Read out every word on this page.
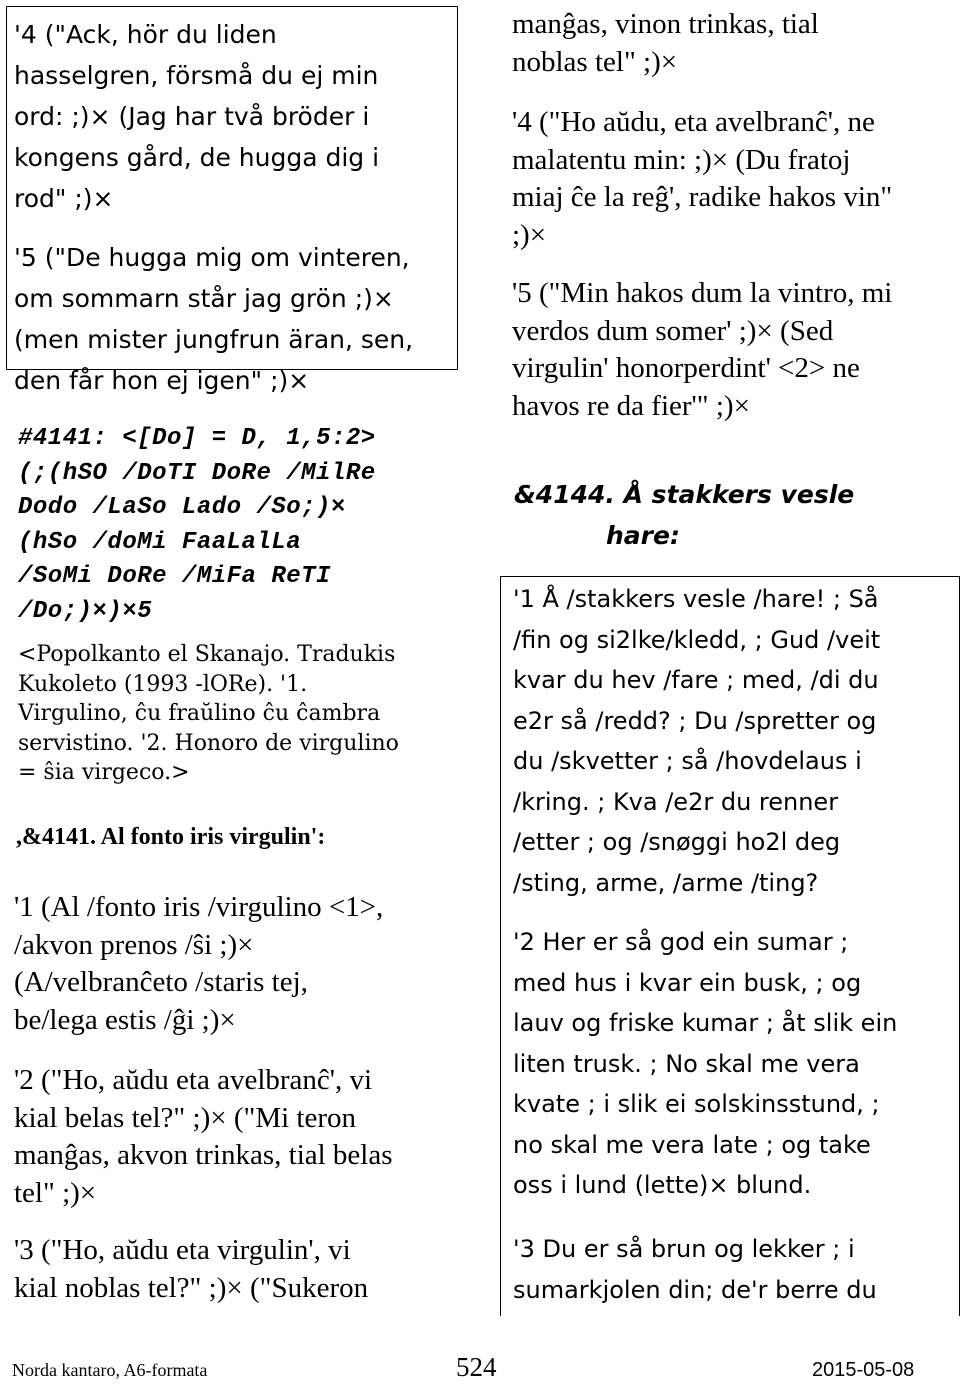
'4 ("Ack, hör du liden
hasselgren, försmå du ej min
ord: ;)× (Jag har två bröder i
kongens gård, de hugga dig i
rod" ;)×
'5 ("De hugga mig om vinteren,
om sommarn står jag grön ;)×
(men mister jungfrun äran, sen,
den får hon ej igen" ;)×
#4141: <[Do] = D, 1,5:2>
(;(hSO /DoTI DoRe /MilRe
Dodo /LaSo Lado /So;)×
(hSo /doMi FaaLalLa
/SoMi DoRe /MiFa ReTI
/Do;)×)×5
<Popolkanto el Skanajo. Tradukis
Kukoleto (1993 -lORe). '1.
Virgulino, ĉu fraŭlino ĉu ĉambra
servistino. '2. Honoro de virgulino
= ŝia virgeco.>
,&4141. Al fonto iris virgulin':
'1 (Al /fonto iris /virgulino <1>,
/akvon prenos /ŝi ;)×
(A/velbranĉeto /staris tej,
be/lega estis /ĝi ;)×
'2 ("Ho, aŭdu eta avelbranĉ', vi
kial belas tel?" ;)× ("Mi teron
manĝas, akvon trinkas, tial belas
tel" ;)×
'3 ("Ho, aŭdu eta virgulin', vi
kial noblas tel?" ;)× ("Sukeron
manĝas, vinon trinkas, tial
noblas tel" ;)×
'4 ("Ho aŭdu, eta avelbranĉ', ne
malatentu min: ;)× (Du fratoj
miaj ĉe la reĝ', radike hakos vin"
;)×
'5 ("Min hakos dum la vintro, mi
verdos dum somer' ;)× (Sed
virgulin' honorperdint' <2> ne
havos re da fier'" ;)×
&4144. Å stakkers vesle
hare:
'1 Å /stakkers vesle /hare! ; Så
/fin og si2lke/kledd, ; Gud /veit
kvar du hev /fare ; med, /di du
e2r så /redd? ; Du /spretter og
du /skvetter ; så /hovdelaus i
/kring. ; Kva /e2r du renner
/etter ; og /snøggi ho2l deg
/sting, arme, /arme /ting?
'2 Her er så god ein sumar ;
med hus i kvar ein busk, ; og
lauv og friske kumar ; åt slik ein
liten trusk. ; No skal me vera
kvate ; i slik ei solskinsstund, ;
no skal me vera late ; og take
oss i lund (lette)× blund.
'3 Du er så brun og lekker ; i
sumarkjolen din; de'r berre du
Norda kantaro, A6-formata	524	2015-05-08
